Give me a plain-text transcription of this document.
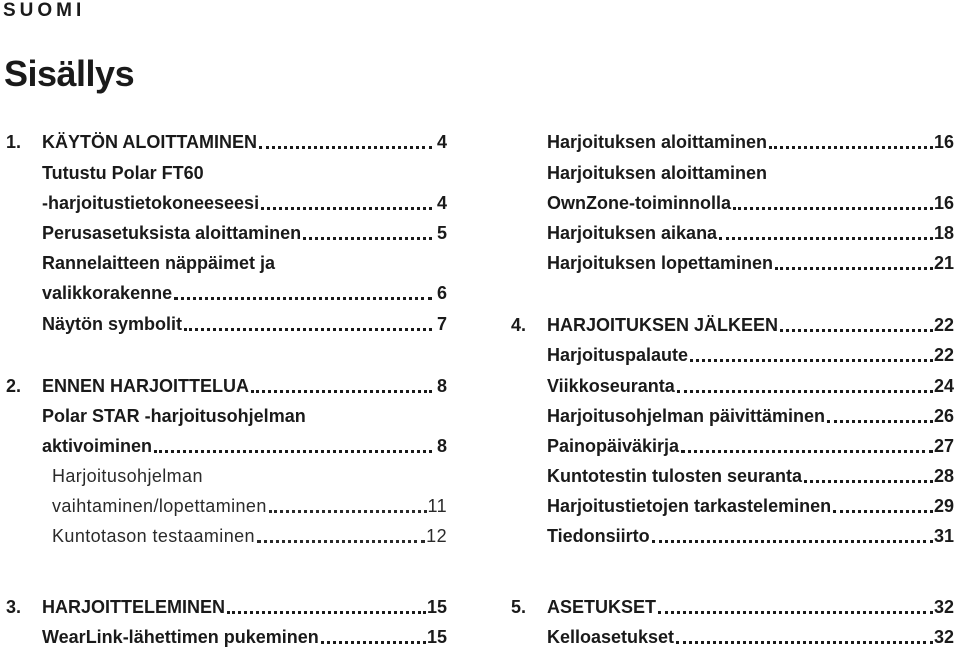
SUOMI
Sisällys
1.	KÄYTÖN ALOITTAMINEN	4
Tutustu Polar FT60
-harjoitustietokoneeseesi	4
Perusasetuksista aloittaminen	5
Rannelaitteen näppäimet ja
valikkorakenne	6
Näytön symbolit	7
2.	ENNEN HARJOITTELUA	8
Polar STAR -harjoitusohjelman
aktivoiminen	8
Harjoitusohjelman
vaihtaminen/lopettaminen	11
Kuntotason testaaminen	12
3.	HARJOITTELEMINEN	15
WearLink-lähettimen pukeminen	15
Harjoituksen aloittaminen	16
Harjoituksen aloittaminen
OwnZone-toiminnolla	16
Harjoituksen aikana	18
Harjoituksen lopettaminen	21
4.	HARJOITUKSEN JÄLKEEN	22
Harjoituspalaute	22
Viikkoseuranta	24
Harjoitusohjelman päivittäminen	26
Painopäiväkirja	27
Kuntotestin tulosten seuranta	28
Harjoitustietojen tarkasteleminen	29
Tiedonsiirto	31
5.	ASETUKSET	32
Kelloasetukset	32
